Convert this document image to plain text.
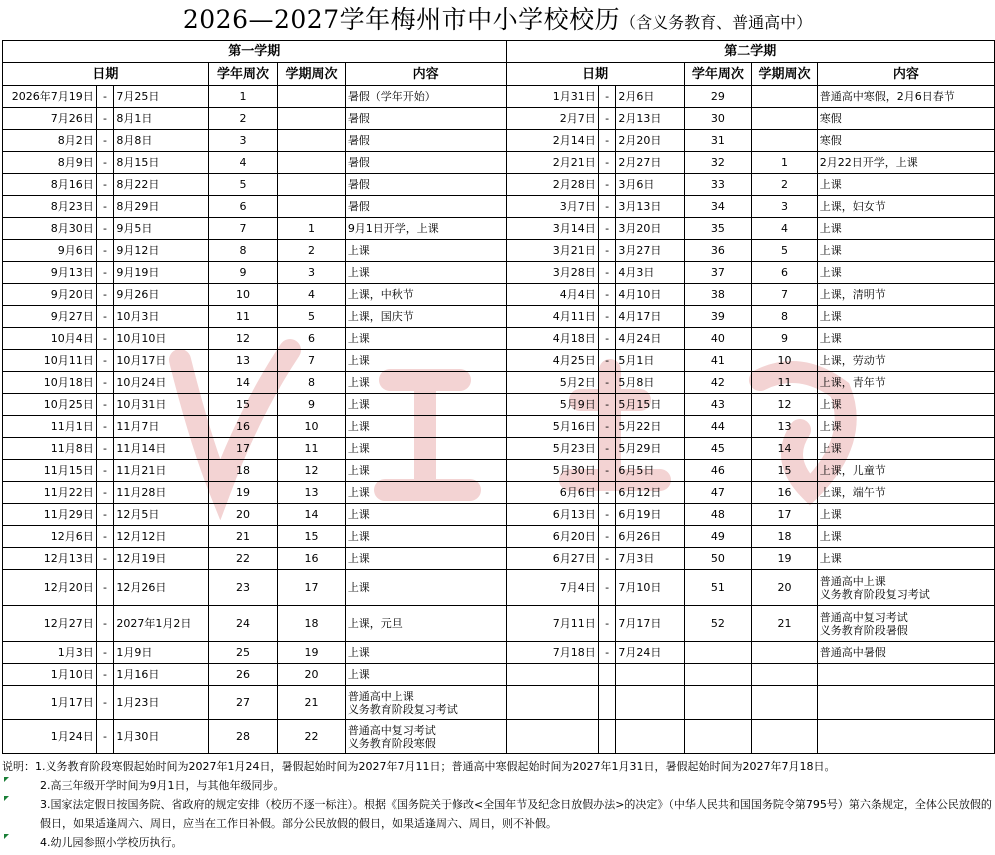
2026—2027学年梅州市中小学校校历（含义务教育、普通高中）
第一学期						第二学期					
日期			学年周次	学期周次	内容	日期			学年周次	学期周次	内容
2026年7月19日	-	7月25日	1		暑假（学年开始）	1月31日	-	2月6日	29		普通高中寒假，2月6日春节
7月26日	-	8月1日	2		暑假	2月7日	-	2月13日	30		寒假
8月2日	-	8月8日	3		暑假	2月14日	-	2月20日	31		寒假
8月9日	-	8月15日	4		暑假	2月21日	-	2月27日	32	1	2月22日开学，上课
8月16日	-	8月22日	5		暑假	2月28日	-	3月6日	33	2	上课
8月23日	-	8月29日	6		暑假	3月7日	-	3月13日	34	3	上课，妇女节
8月30日	-	9月5日	7	1	9月1日开学，上课	3月14日	-	3月20日	35	4	上课
9月6日	-	9月12日	8	2	上课	3月21日	-	3月27日	36	5	上课
9月13日	-	9月19日	9	3	上课	3月28日	-	4月3日	37	6	上课
9月20日	-	9月26日	10	4	上课，中秋节	4月4日	-	4月10日	38	7	上课，清明节
9月27日	-	10月3日	11	5	上课，国庆节	4月11日	-	4月17日	39	8	上课
10月4日	-	10月10日	12	6	上课	4月18日	-	4月24日	40	9	上课
10月11日	-	10月17日	13	7	上课	4月25日	-	5月1日	41	10	上课，劳动节
10月18日	-	10月24日	14	8	上课	5月2日	-	5月8日	42	11	上课，青年节
10月25日	-	10月31日	15	9	上课	5月9日	-	5月15日	43	12	上课
11月1日	-	11月7日	16	10	上课	5月16日	-	5月22日	44	13	上课
11月8日	-	11月14日	17	11	上课	5月23日	-	5月29日	45	14	上课
11月15日	-	11月21日	18	12	上课	5月30日	-	6月5日	46	15	上课，儿童节
11月22日	-	11月28日	19	13	上课	6月6日	-	6月12日	47	16	上课，端午节
11月29日	-	12月5日	20	14	上课	6月13日	-	6月19日	48	17	上课
12月6日	-	12月12日	21	15	上课	6月20日	-	6月26日	49	18	上课
12月13日	-	12月19日	22	16	上课	6月27日	-	7月3日	50	19	上课
12月20日	-	12月26日	23	17	上课	7月4日	-	7月10日	51	20	普通高中上课
义务教育阶段复习考试
12月27日	-	2027年1月2日	24	18	上课，元旦	7月11日	-	7月17日	52	21	普通高中复习考试
义务教育阶段暑假
1月3日	-	1月9日	25	19	上课	7月18日	-	7月24日			普通高中暑假
1月10日	-	1月16日	26	20	上课						
1月17日	-	1月23日	27	21	普通高中上课
义务教育阶段复习考试						
1月24日	-	1月30日	28	22	普通高中复习考试
义务教育阶段寒假						
说明：1.义务教育阶段寒假起始时间为2027年1月24日，暑假起始时间为2027年7月11日；普通高中寒假起始时间为2027年1月31日，暑假起始时间为2027年7月18日。
2.高三年级开学时间为9月1日，与其他年级同步。
3.国家法定假日按国务院、省政府的规定安排（校历不逐一标注）。根据《国务院关于修改<全国年节及纪念日放假办法>的决定》（中华人民共和国国务院令第795号）第六条规定，全体公民放假的假日，如果适逢周六、周日，应当在工作日补假。部分公民放假的假日，如果适逢周六、周日，则不补假。
4.幼儿园参照小学校历执行。
